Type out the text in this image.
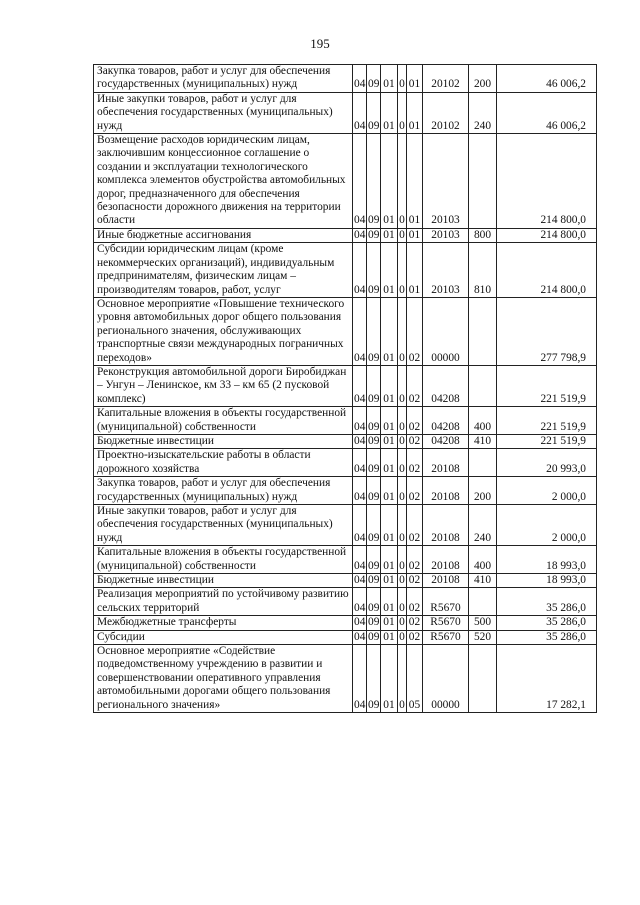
195
Закупка товаров, работ и услуг для обеспечения государственных (муниципальных) нужд	04	09	01	0	01	20102	200	46 006,2
Иные закупки товаров, работ и услуг для обеспечения государственных (муниципальных) нужд	04	09	01	0	01	20102	240	46 006,2
Возмещение расходов юридическим лицам, заключившим концессионное соглашение о создании и эксплуатации технологического комплекса элементов обустройства автомобильных дорог, предназначенного для обеспечения безопасности дорожного движения на территории области	04	09	01	0	01	20103		214 800,0
Иные бюджетные ассигнования	04	09	01	0	01	20103	800	214 800,0
Субсидии юридическим лицам (кроме некоммерческих организаций), индивидуальным предпринимателям, физическим лицам – производителям товаров, работ, услуг	04	09	01	0	01	20103	810	214 800,0
Основное мероприятие «Повышение технического уровня автомобильных дорог общего пользования регионального значения, обслуживающих транспортные связи международных пограничных переходов»	04	09	01	0	02	00000		277 798,9
Реконструкция автомобильной дороги Биробиджан – Унгун – Ленинское, км 33 – км 65 (2 пусковой комплекс)	04	09	01	0	02	04208		221 519,9
Капитальные вложения в объекты государственной (муниципальной) собственности	04	09	01	0	02	04208	400	221 519,9
Бюджетные инвестиции	04	09	01	0	02	04208	410	221 519,9
Проектно-изыскательские работы в области дорожного хозяйства	04	09	01	0	02	20108		20 993,0
Закупка товаров, работ и услуг для обеспечения государственных (муниципальных) нужд	04	09	01	0	02	20108	200	2 000,0
Иные закупки товаров, работ и услуг для обеспечения государственных (муниципальных) нужд	04	09	01	0	02	20108	240	2 000,0
Капитальные вложения в объекты государственной (муниципальной) собственности	04	09	01	0	02	20108	400	18 993,0
Бюджетные инвестиции	04	09	01	0	02	20108	410	18 993,0
Реализация мероприятий по устойчивому развитию сельских территорий	04	09	01	0	02	R5670		35 286,0
Межбюджетные трансферты	04	09	01	0	02	R5670	500	35 286,0
Субсидии	04	09	01	0	02	R5670	520	35 286,0
Основное мероприятие «Содействие подведомственному учреждению в развитии и совершенствовании оперативного управления автомобильными дорогами общего пользования регионального значения»	04	09	01	0	05	00000		17 282,1
